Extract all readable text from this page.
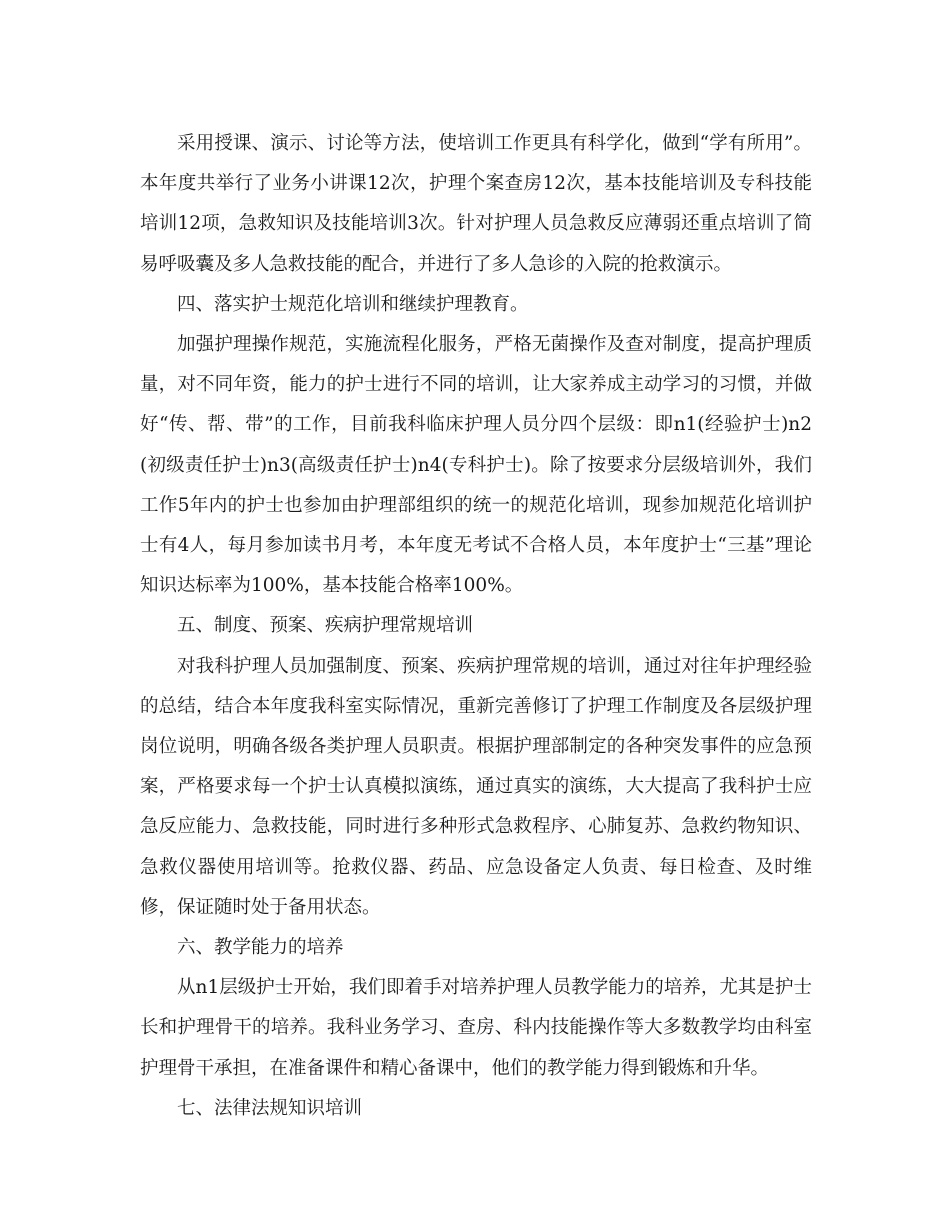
采用授课、演示、讨论等方法，使培训工作更具有科学化，做到“学有所用”。本年度共举行了业务小讲课12次，护理个案查房12次，基本技能培训及专科技能培训12项，急救知识及技能培训3次。针对护理人员急救反应薄弱还重点培训了简易呼吸囊及多人急救技能的配合，并进行了多人急诊的入院的抢救演示。

四、落实护士规范化培训和继续护理教育。

加强护理操作规范，实施流程化服务，严格无菌操作及查对制度，提高护理质量，对不同年资，能力的护士进行不同的培训，让大家养成主动学习的习惯，并做好“传、帮、带”的工作，目前我科临床护理人员分四个层级：即n1(经验护士)n2(初级责任护士)n3(高级责任护士)n4(专科护士)。除了按要求分层级培训外，我们工作5年内的护士也参加由护理部组织的统一的规范化培训，现参加规范化培训护士有4人，每月参加读书月考，本年度无考试不合格人员，本年度护士“三基”理论知识达标率为100%，基本技能合格率100%。

五、制度、预案、疾病护理常规培训

对我科护理人员加强制度、预案、疾病护理常规的培训，通过对往年护理经验的总结，结合本年度我科室实际情况，重新完善修订了护理工作制度及各层级护理岗位说明，明确各级各类护理人员职责。根据护理部制定的各种突发事件的应急预案，严格要求每一个护士认真模拟演练，通过真实的演练，大大提高了我科护士应急反应能力、急救技能，同时进行多种形式急救程序、心肺复苏、急救约物知识、急救仪器使用培训等。抢救仪器、药品、应急设备定人负责、每日检查、及时维修，保证随时处于备用状态。

六、教学能力的培养

从n1层级护士开始，我们即着手对培养护理人员教学能力的培养，尤其是护士长和护理骨干的培养。我科业务学习、查房、科内技能操作等大多数教学均由科室护理骨干承担，在准备课件和精心备课中，他们的教学能力得到锻炼和升华。

七、法律法规知识培训
